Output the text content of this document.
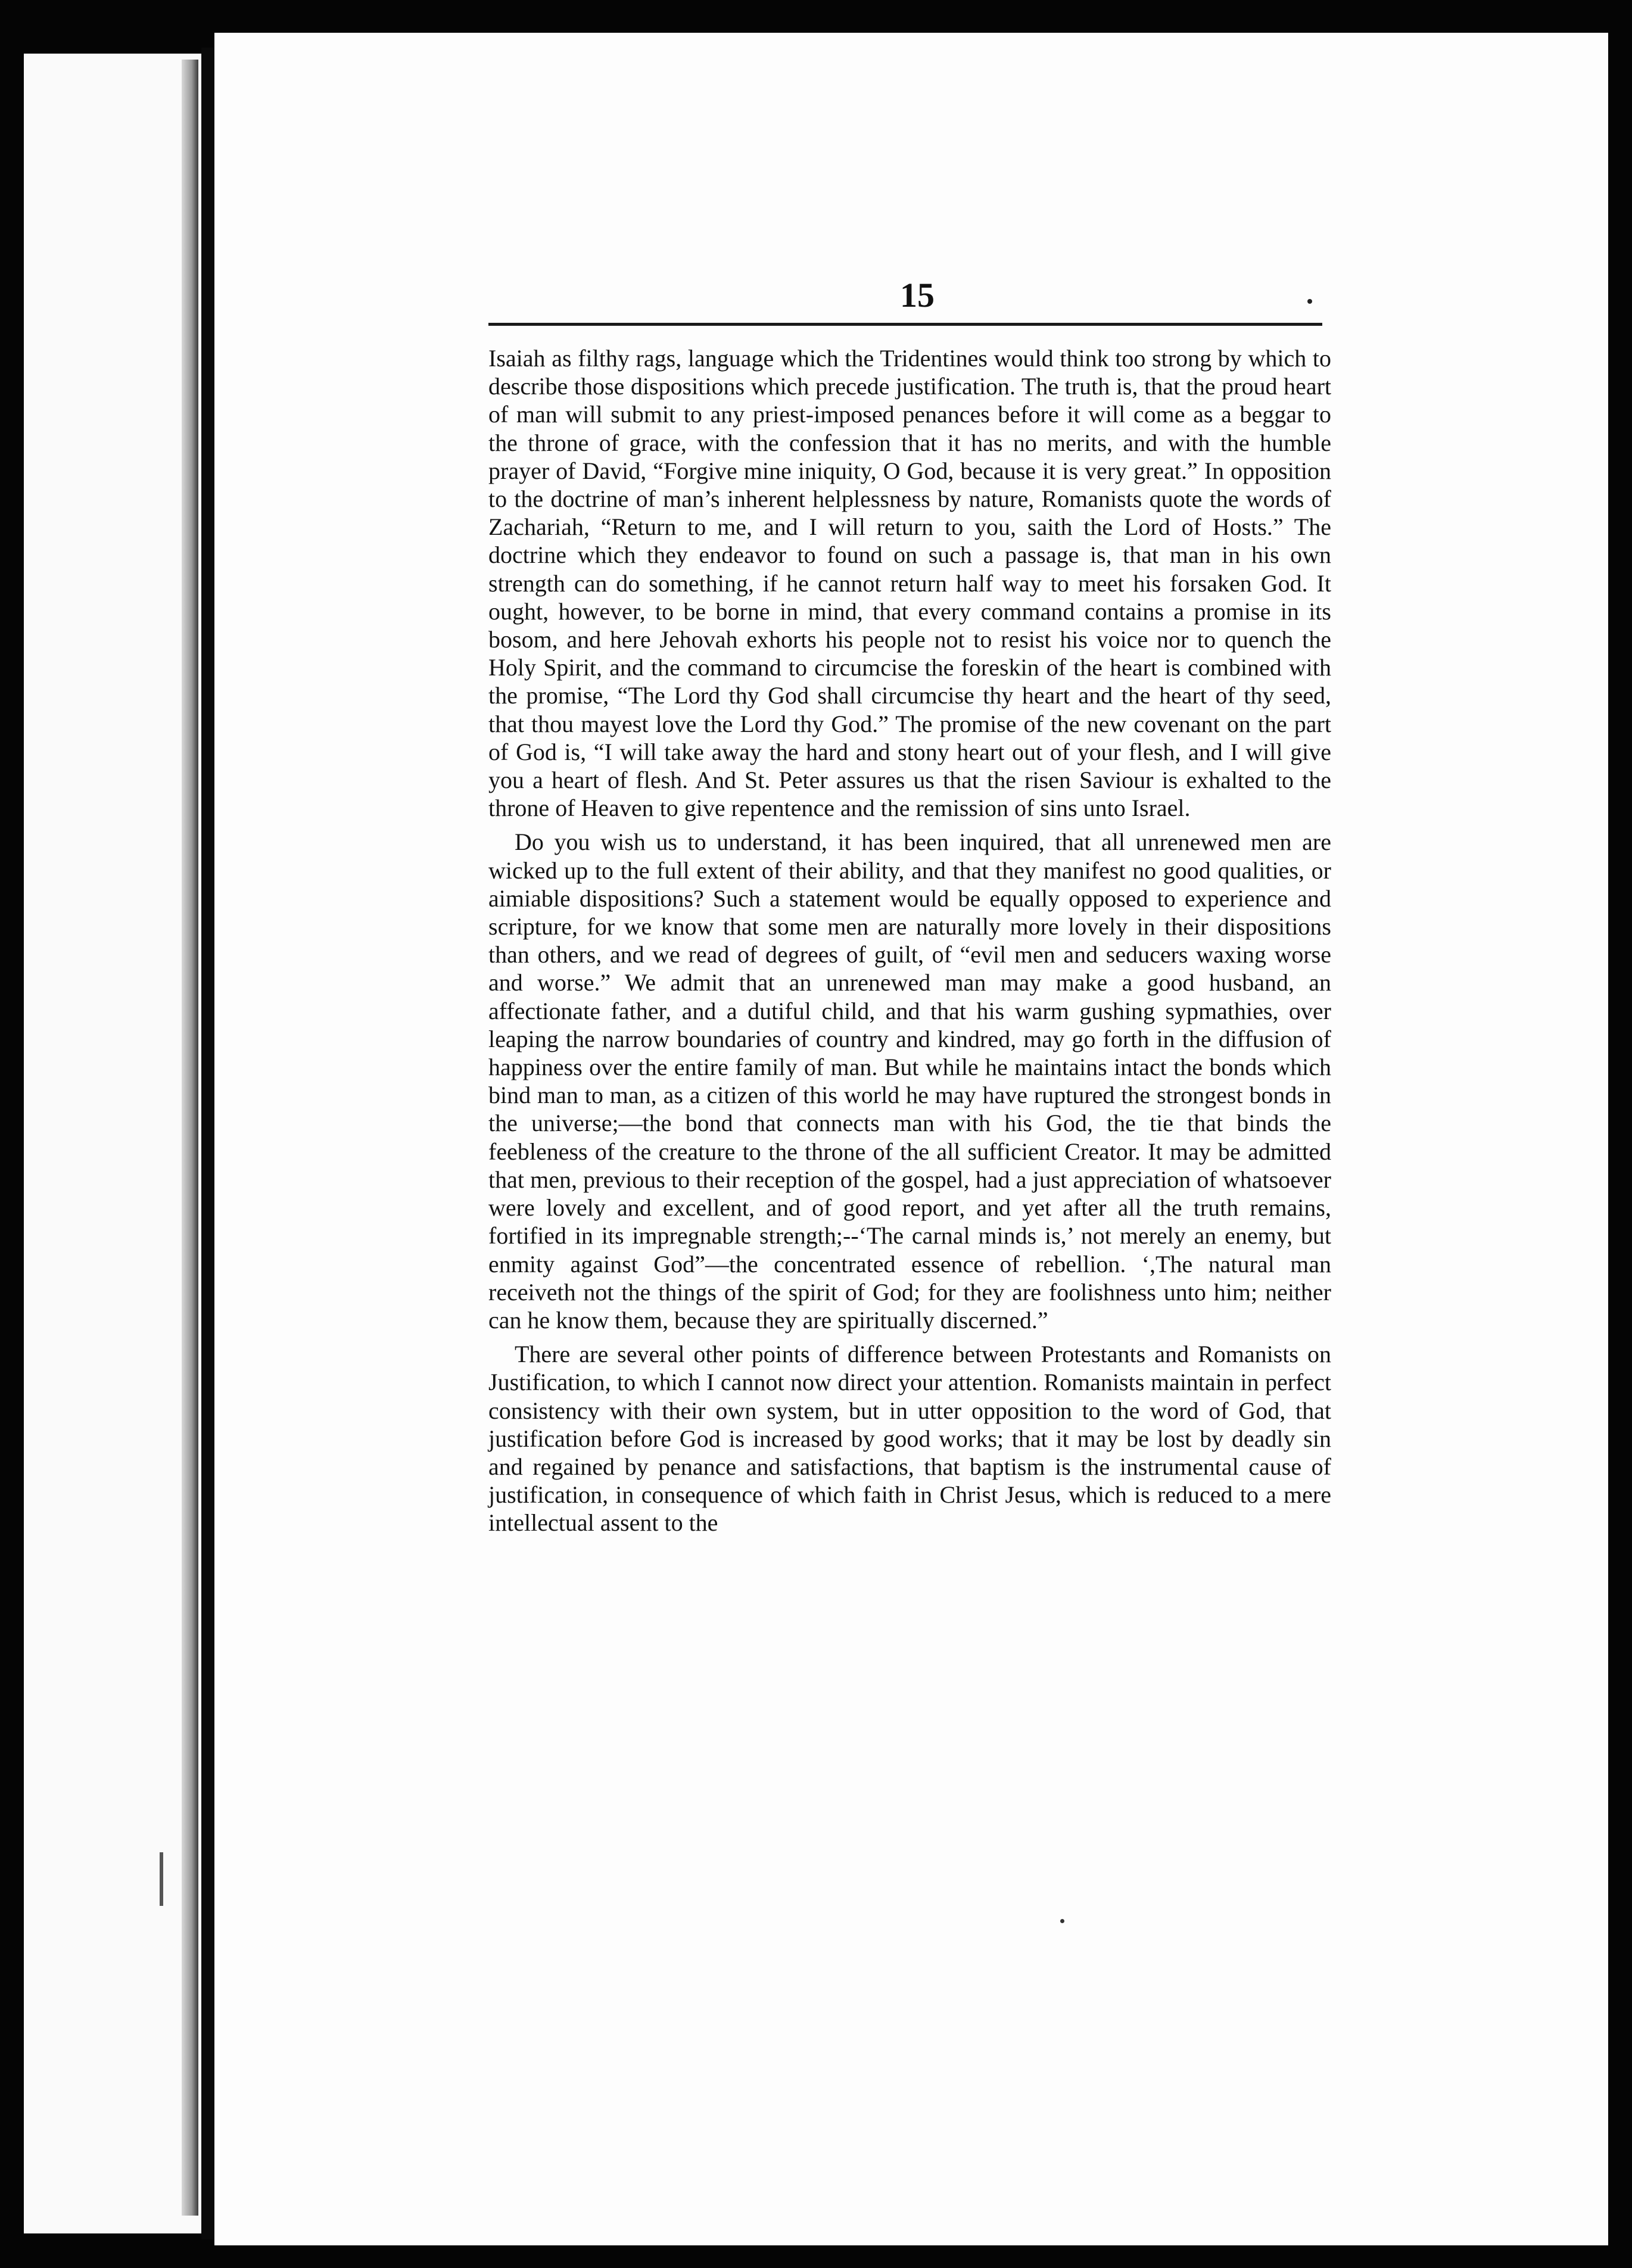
15

Isaiah as filthy rags, language which the Tridentines would think too strong by which to describe those dispositions which precede justification. The truth is, that the proud heart of man will submit to any priest-imposed penances before it will come as a beggar to the throne of grace, with the confession that it has no merits, and with the humble prayer of David, “Forgive mine iniquity, O God, because it is very great.” In opposition to the doctrine of man’s inherent helplessness by nature, Romanists quote the words of Zachariah, “Return to me, and I will return to you, saith the Lord of Hosts.” The doctrine which they endeavor to found on such a passage is, that man in his own strength can do something, if he cannot return half way to meet his forsaken God. It ought, however, to be borne in mind, that every command contains a promise in its bosom, and here Jehovah exhorts his people not to resist his voice nor to quench the Holy Spirit, and the command to circumcise the foreskin of the heart is combined with the promise, “The Lord thy God shall circumcise thy heart and the heart of thy seed, that thou mayest love the Lord thy God.” The promise of the new covenant on the part of God is, “I will take away the hard and stony heart out of your flesh, and I will give you a heart of flesh. And St. Peter assures us that the risen Saviour is exhalted to the throne of Heaven to give repentence and the remission of sins unto Israel.

Do you wish us to understand, it has been inquired, that all unrenewed men are wicked up to the full extent of their ability, and that they manifest no good qualities, or aimiable dispositions? Such a statement would be equally opposed to experience and scripture, for we know that some men are naturally more lovely in their dispositions than others, and we read of degrees of guilt, of “evil men and seducers waxing worse and worse.” We admit that an unrenewed man may make a good husband, an affectionate father, and a dutiful child, and that his warm gushing sypmathies, over leaping the narrow boundaries of country and kindred, may go forth in the diffusion of happiness over the entire family of man. But while he maintains intact the bonds which bind man to man, as a citizen of this world he may have ruptured the strongest bonds in the universe;—the bond that connects man with his God, the tie that binds the feebleness of the creature to the throne of the all sufficient Creator. It may be admitted that men, previous to their reception of the gospel, had a just appreciation of whatsoever were lovely and excellent, and of good report, and yet after all the truth remains, fortified in its impregnable strength;--‘The carnal minds is,’ not merely an enemy, but enmity against God”—the concentrated essence of rebellion. ‘,The natural man receiveth not the things of the spirit of God; for they are foolishness unto him; neither can he know them, because they are spiritually discerned.”

There are several other points of difference between Protestants and Romanists on Justification, to which I cannot now direct your attention. Romanists maintain in perfect consistency with their own system, but in utter opposition to the word of God, that justification before God is increased by good works; that it may be lost by deadly sin and regained by penance and satisfactions, that baptism is the instrumental cause of justification, in consequence of which faith in Christ Jesus, which is reduced to a mere intellectual assent to the
